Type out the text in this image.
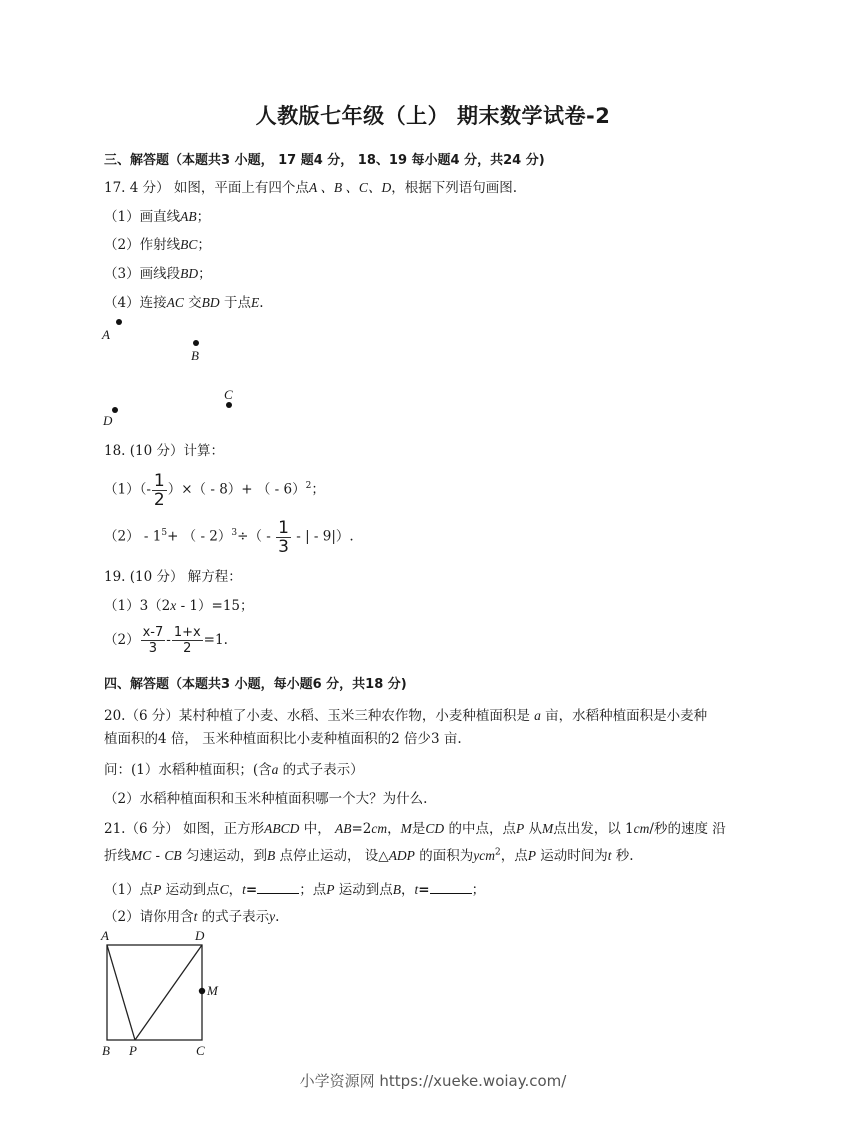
人教版七年级（上） 期末数学试卷-2
三、解答题（本题共3 小题， 17 题4 分， 18、19 每小题4 分，共24 分)
17. 4 分） 如图，平面上有四个点A 、B 、C、D，根据下列语句画图.
（1）画直线AB；
（2）作射线BC；
（3）画线段BD；
（4）连接AC 交BD 于点E.
A
B
C
D
18. (10 分）计算：
$(1)(- \frac{1}{2}$ ）×（ - 8）+ （ - 6）$^2$；
$(2) - 1^5+$ （ - $2)^3\div( - \frac{1}{3}$ - | - 9|）.
19. (10 分） 解方程：
（1）3（2x - 1）=15；
$(2) \frac{x-7}{3} - \frac{1+x}{2} =1$.
四、解答题（本题共3 小题，每小题6 分，共18 分)
20.（6 分）某村种植了小麦、水稻、玉米三种农作物，小麦种植面积是 a 亩，水稻种植面积是小麦种
植面积的4 倍， 玉米种植面积比小麦种植面积的2 倍少3 亩.
问：(1）水稻种植面积；(含a 的式子表示）
（2）水稻种植面积和玉米种植面积哪一个大？为什么.
21.（6 分） 如图，正方形ABCD 中， AB=2cm，M是CD 的中点，点P 从M点出发，以 1cm/秒的速度 沿
折线MC - CB 匀速运动，到B 点停止运动， 设△ADP 的面积为ycm$^2$，点P 运动时间为t 秒.
（1）点P 运动到点C，t=	；点P 运动到点B，t=	；
（2）请你用含t 的式子表示y.
A	D
M
B P	C
小学资源网 https://xueke.woiay.com/
